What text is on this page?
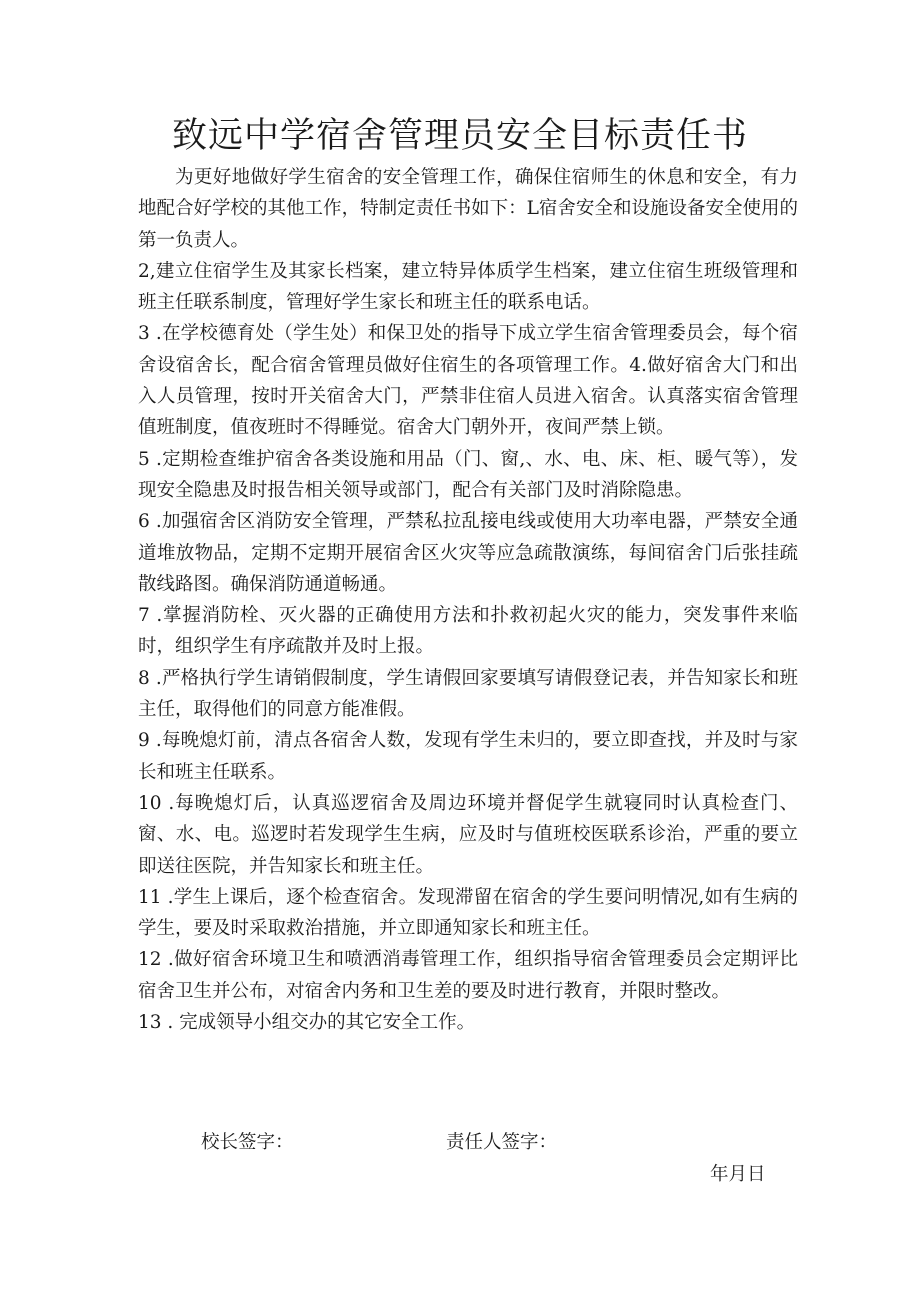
致远中学宿舍管理员安全目标责任书

为更好地做好学生宿舍的安全管理工作，确保住宿师生的休息和安全，有力地配合好学校的其他工作，特制定责任书如下：L宿舍安全和设施设备安全使用的第一负责人。

2,建立住宿学生及其家长档案，建立特异体质学生档案，建立住宿生班级管理和班主任联系制度，管理好学生家长和班主任的联系电话。

3 .在学校德育处（学生处）和保卫处的指导下成立学生宿舍管理委员会，每个宿舍设宿舍长，配合宿舍管理员做好住宿生的各项管理工作。4.做好宿舍大门和出入人员管理，按时开关宿舍大门，严禁非住宿人员进入宿舍。认真落实宿舍管理值班制度，值夜班时不得睡觉。宿舍大门朝外开，夜间严禁上锁。

5 .定期检查维护宿舍各类设施和用品（门、窗,、水、电、床、柜、暖气等），发现安全隐患及时报告相关领导或部门，配合有关部门及时消除隐患。

6 .加强宿舍区消防安全管理，严禁私拉乱接电线或使用大功率电器，严禁安全通道堆放物品，定期不定期开展宿舍区火灾等应急疏散演练，每间宿舍门后张挂疏散线路图。确保消防通道畅通。

7 .掌握消防栓、灭火器的正确使用方法和扑救初起火灾的能力，突发事件来临时，组织学生有序疏散并及时上报。

8 .严格执行学生请销假制度，学生请假回家要填写请假登记表，并告知家长和班主任，取得他们的同意方能准假。

9 .每晚熄灯前，清点各宿舍人数，发现有学生未归的，要立即查找，并及时与家长和班主任联系。

10 .每晚熄灯后，认真巡逻宿舍及周边环境并督促学生就寝同时认真检查门、窗、水、电。巡逻时若发现学生生病，应及时与值班校医联系诊治，严重的要立即送往医院，并告知家长和班主任。

11 .学生上课后，逐个检查宿舍。发现滞留在宿舍的学生要问明情况,如有生病的学生，要及时采取救治措施，并立即通知家长和班主任。

12 .做好宿舍环境卫生和喷洒消毒管理工作，组织指导宿舍管理委员会定期评比宿舍卫生并公布，对宿舍内务和卫生差的要及时进行教育，并限时整改。

13 . 完成领导小组交办的其它安全工作。

校长签字：	责任人签字：
年月日
